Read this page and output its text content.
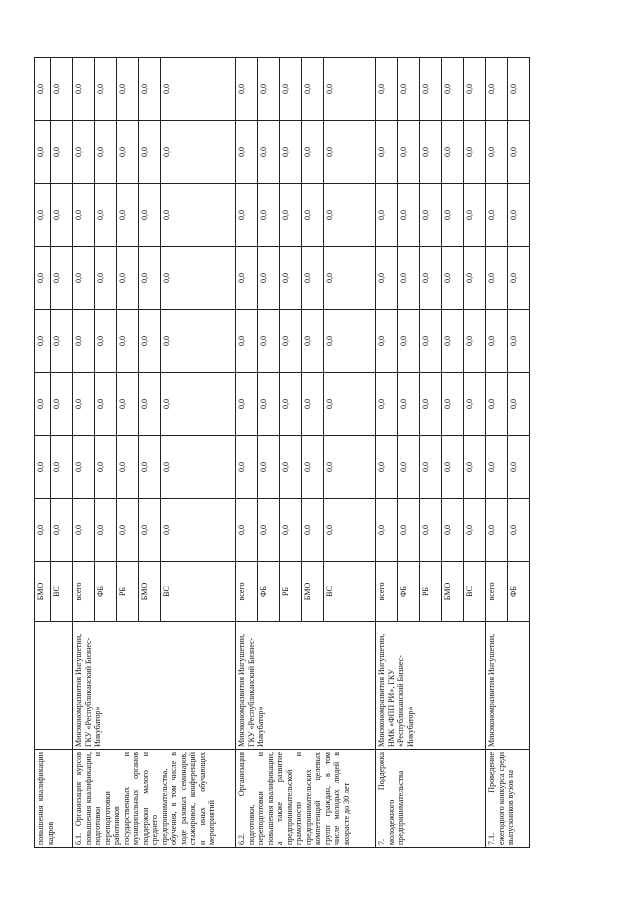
повышения квалификации кадров		БМО	0,0	0,0	0,0	0,0	0,0	0,0	0,0	0,0
		ВС	0,0	0,0	0,0	0,0	0,0	0,0	0,0	0,0
6.1. Организация курсов повышения квалификации, подготовки и переподготовки работников государственных и муниципальных органов поддержки малого и среднего предпринимательства, обучения, в том числе в ходе разовых семинаров, стажировок, конференций и иных обучающих мероприятий	Минэкономразвития Ингушетии, ГКУ «Республиканский Бизнес-Инкубатор»	всего	0,0	0,0	0,0	0,0	0,0	0,0	0,0	0,0
		ФБ	0,0	0,0	0,0	0,0	0,0	0,0	0,0	0,0
		РБ	0,0	0,0	0,0	0,0	0,0	0,0	0,0	0,0
		БМО	0,0	0,0	0,0	0,0	0,0	0,0	0,0	0,0
		ВС	0,0	0,0	0,0	0,0	0,0	0,0	0,0	0,0
6.2. Организация подготовки, переподготовки и повышения квалификации, а также развитие предпринимательской грамотности и предпринимательских компетенций целевых групп граждан, в том числе молодых людей в возрасте до 30 лет	Минэкономразвития Ингушетии, ГКУ «Республиканский Бизнес-Инкубатор»	всего	0,0	0,0	0,0	0,0	0,0	0,0	0,0	0,0
		ФБ	0,0	0,0	0,0	0,0	0,0	0,0	0,0	0,0
		РБ	0,0	0,0	0,0	0,0	0,0	0,0	0,0	0,0
		БМО	0,0	0,0	0,0	0,0	0,0	0,0	0,0	0,0
		ВС	0,0	0,0	0,0	0,0	0,0	0,0	0,0	0,0
7. Поддержка молодежного предпринимательства	Минэкономразвития Ингушетии, НМК «ФПП РИ», ГКУ «Республиканский Бизнес-Инкубатор»	всего	0,0	0,0	0,0	0,0	0,0	0,0	0,0	0,0
		ФБ	0,0	0,0	0,0	0,0	0,0	0,0	0,0	0,0
		РБ	0,0	0,0	0,0	0,0	0,0	0,0	0,0	0,0
		БМО	0,0	0,0	0,0	0,0	0,0	0,0	0,0	0,0
		ВС	0,0	0,0	0,0	0,0	0,0	0,0	0,0	0,0
7.1. Проведение ежегодного конкурса среди выпускников вузов на	Минэкономразвития Ингушетии,	всего	0,0	0,0	0,0	0,0	0,0	0,0	0,0	0,0
		ФБ	0,0	0,0	0,0	0,0	0,0	0,0	0,0	0,0
